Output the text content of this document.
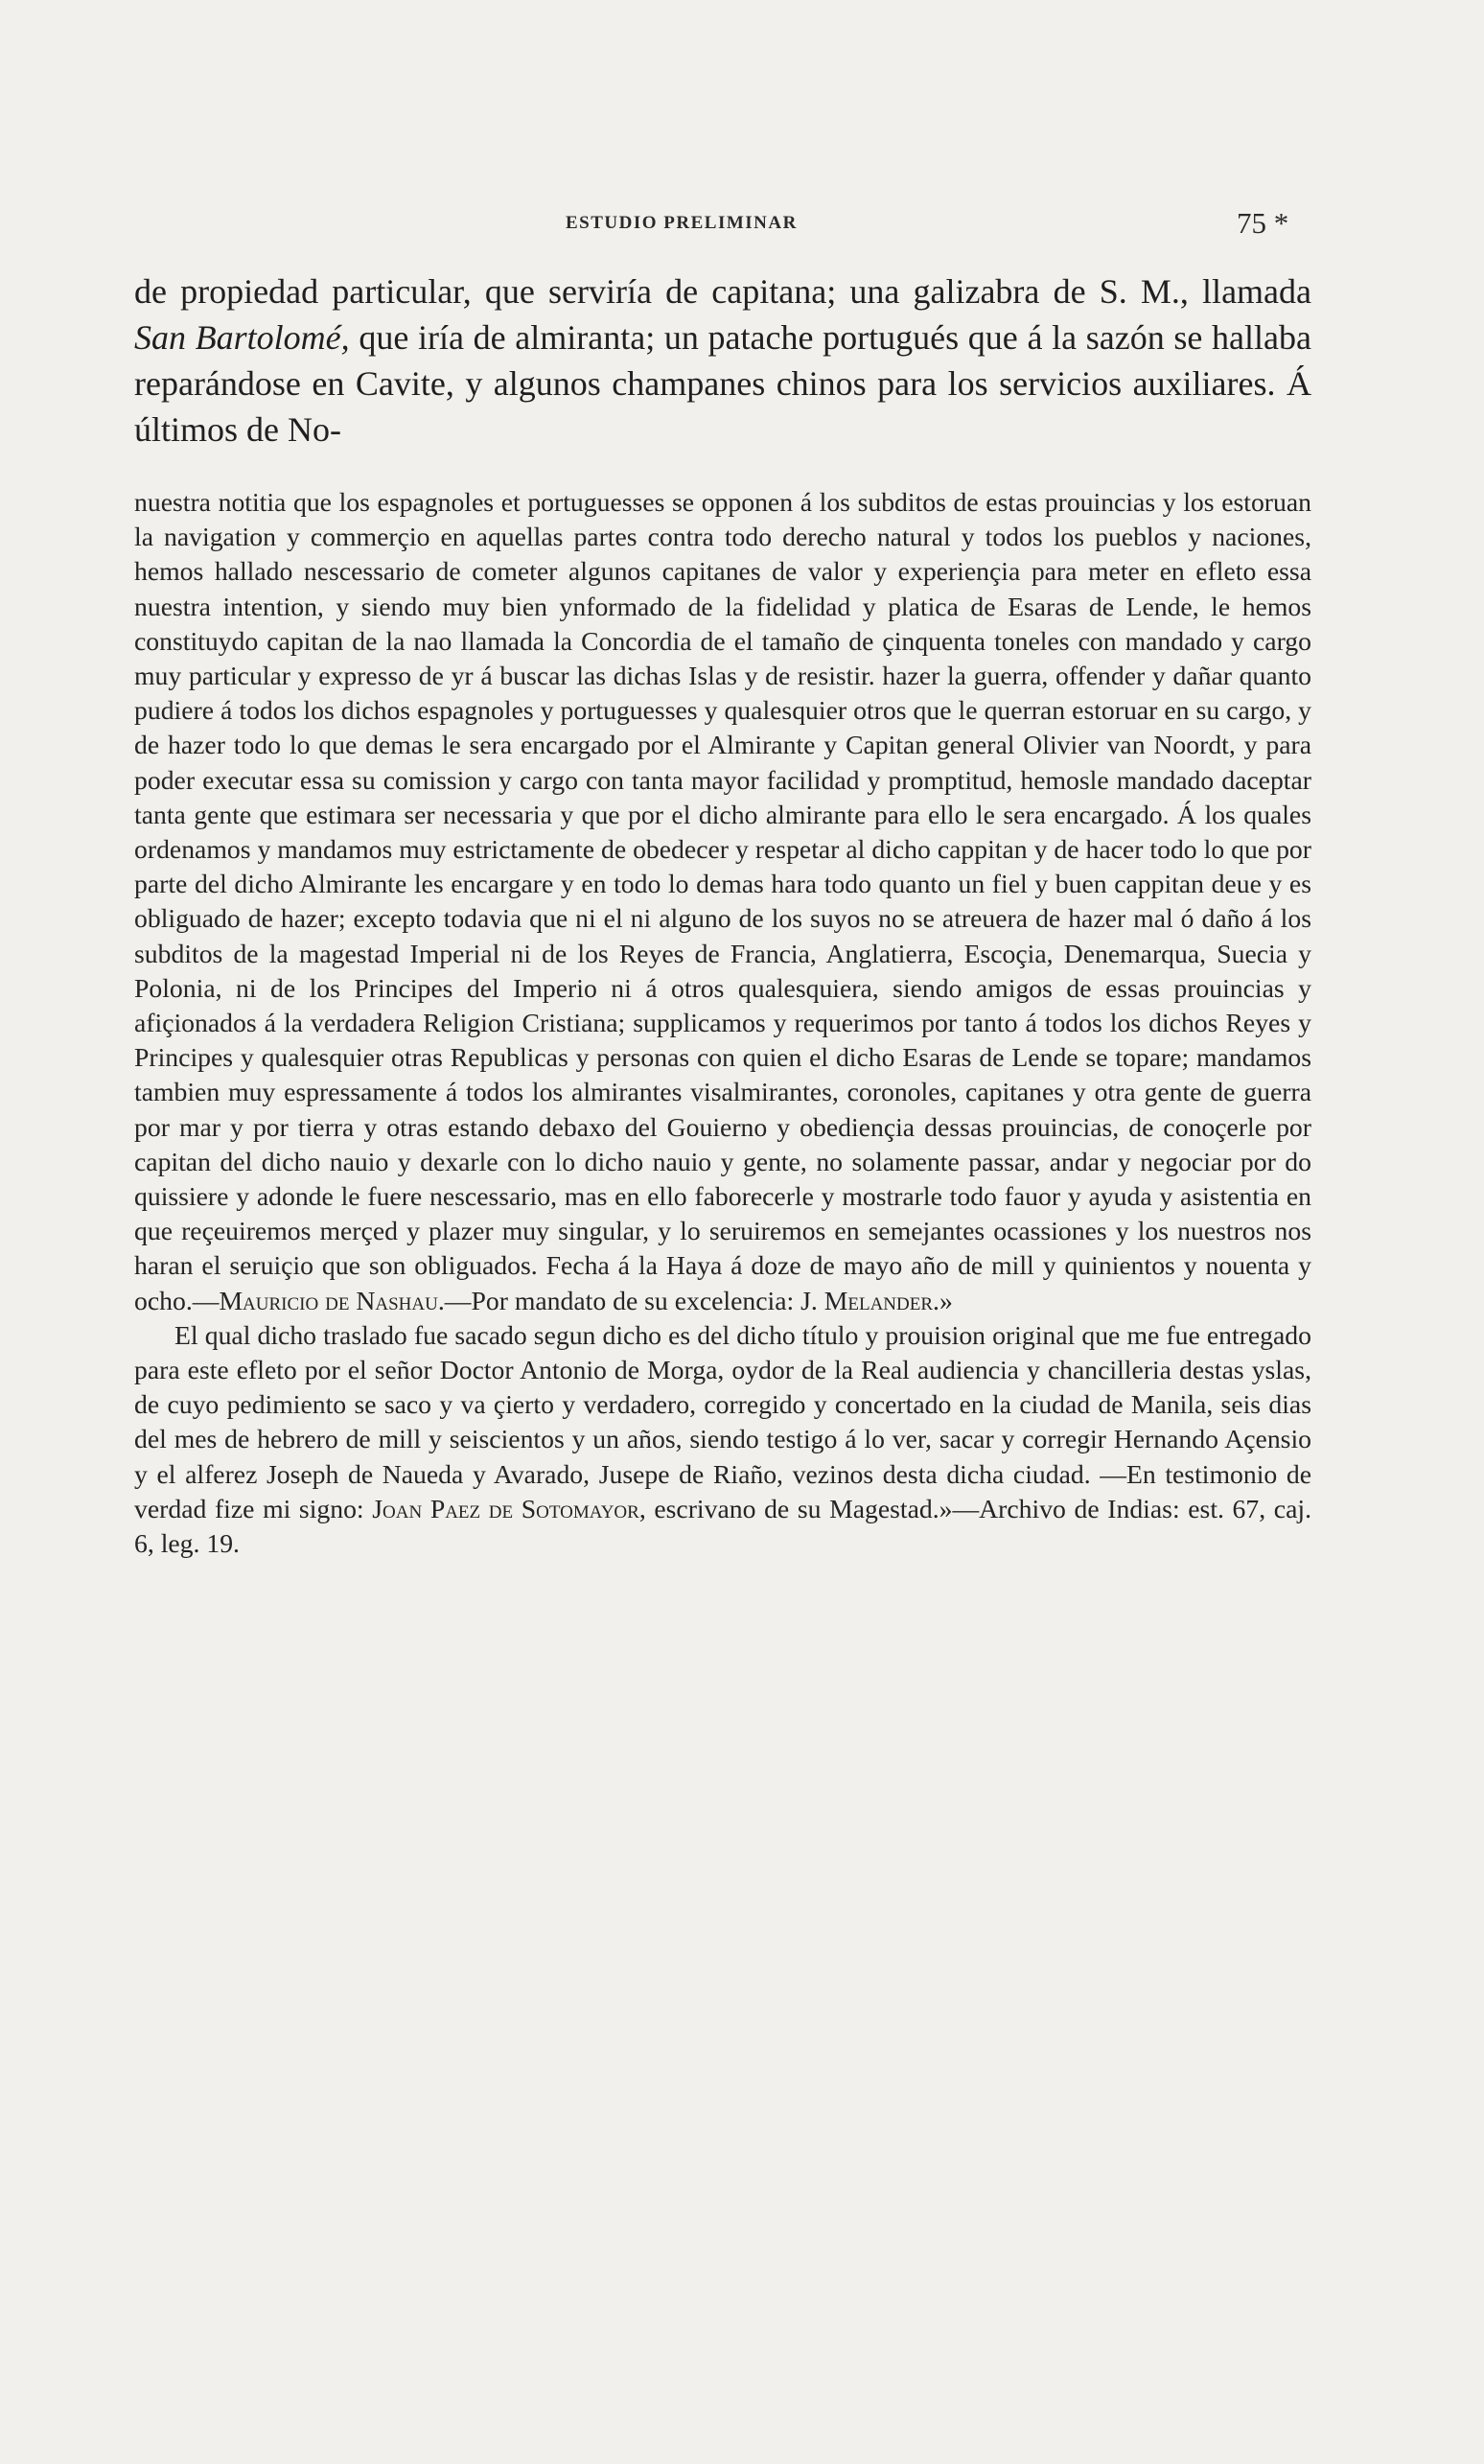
ESTUDIO PRELIMINAR	75 *

de propiedad particular, que serviría de capitana; una galizabra de S. M., llamada San Bartolomé, que iría de almiranta; un patache portugués que á la sazón se hallaba reparándose en Cavite, y algunos champanes chinos para los servicios auxiliares. Á últimos de No-

nuestra notitia que los espagnoles et portuguesses se opponen á los subditos de estas prouincias y los estoruan la navigation y commerçio en aquellas partes contra todo derecho natural y todos los pueblos y naciones, hemos hallado nescessario de cometer algunos capitanes de valor y experiençia para meter en efleto essa nuestra intention, y siendo muy bien ynformado de la fidelidad y platica de Esaras de Lende, le hemos constituydo capitan de la nao llamada la Concordia de el tamaño de çinquenta toneles con mandado y cargo muy particular y expresso de yr á buscar las dichas Islas y de resistir. hazer la guerra, offender y dañar quanto pudiere á todos los dichos espagnoles y portuguesses y qualesquier otros que le querran estoruar en su cargo, y de hazer todo lo que demas le sera encargado por el Almirante y Capitan general Olivier van Noordt, y para poder executar essa su comission y cargo con tanta mayor facilidad y promptitud, hemosle mandado daceptar tanta gente que estimara ser necessaria y que por el dicho almirante para ello le sera encargado. Á los quales ordenamos y mandamos muy estrictamente de obedecer y respetar al dicho cappitan y de hacer todo lo que por parte del dicho Almirante les encargare y en todo lo demas hara todo quanto un fiel y buen cappitan deue y es obliguado de hazer; excepto todavia que ni el ni alguno de los suyos no se atreuera de hazer mal ó daño á los subditos de la magestad Imperial ni de los Reyes de Francia, Anglatierra, Escoçia, Denemarqua, Suecia y Polonia, ni de los Principes del Imperio ni á otros qualesquiera, siendo amigos de essas prouincias y afiçionados á la verdadera Religion Cristiana; supplicamos y requerimos por tanto á todos los dichos Reyes y Principes y qualesquier otras Republicas y personas con quien el dicho Esaras de Lende se topare; mandamos tambien muy espressamente á todos los almirantes visalmirantes, coronoles, capitanes y otra gente de guerra por mar y por tierra y otras estando debaxo del Gouierno y obediençia dessas prouincias, de conoçerle por capitan del dicho nauio y dexarle con lo dicho nauio y gente, no solamente passar, andar y negociar por do quissiere y adonde le fuere nescessario, mas en ello faborecerle y mostrarle todo fauor y ayuda y asistentia en que reçeuiremos merçed y plazer muy singular, y lo seruiremos en semejantes ocassiones y los nuestros nos haran el seruiçio que son obliguados. Fecha á la Haya á doze de mayo año de mill y quinientos y nouenta y ocho.—Mauricio de Nashau.—Por mandato de su excelencia: J. Melander.»

El qual dicho traslado fue sacado segun dicho es del dicho título y prouision original que me fue entregado para este efleto por el señor Doctor Antonio de Morga, oydor de la Real audiencia y chancilleria destas yslas, de cuyo pedimiento se saco y va çierto y verdadero, corregido y concertado en la ciudad de Manila, seis dias del mes de hebrero de mill y seiscientos y un años, siendo testigo á lo ver, sacar y corregir Hernando Açensio y el alferez Joseph de Naueda y Avarado, Jusepe de Riaño, vezinos desta dicha ciudad. —En testimonio de verdad fize mi signo: Joan Paez de Sotomayor, escrivano de su Magestad.»—Archivo de Indias: est. 67, caj. 6, leg. 19.
